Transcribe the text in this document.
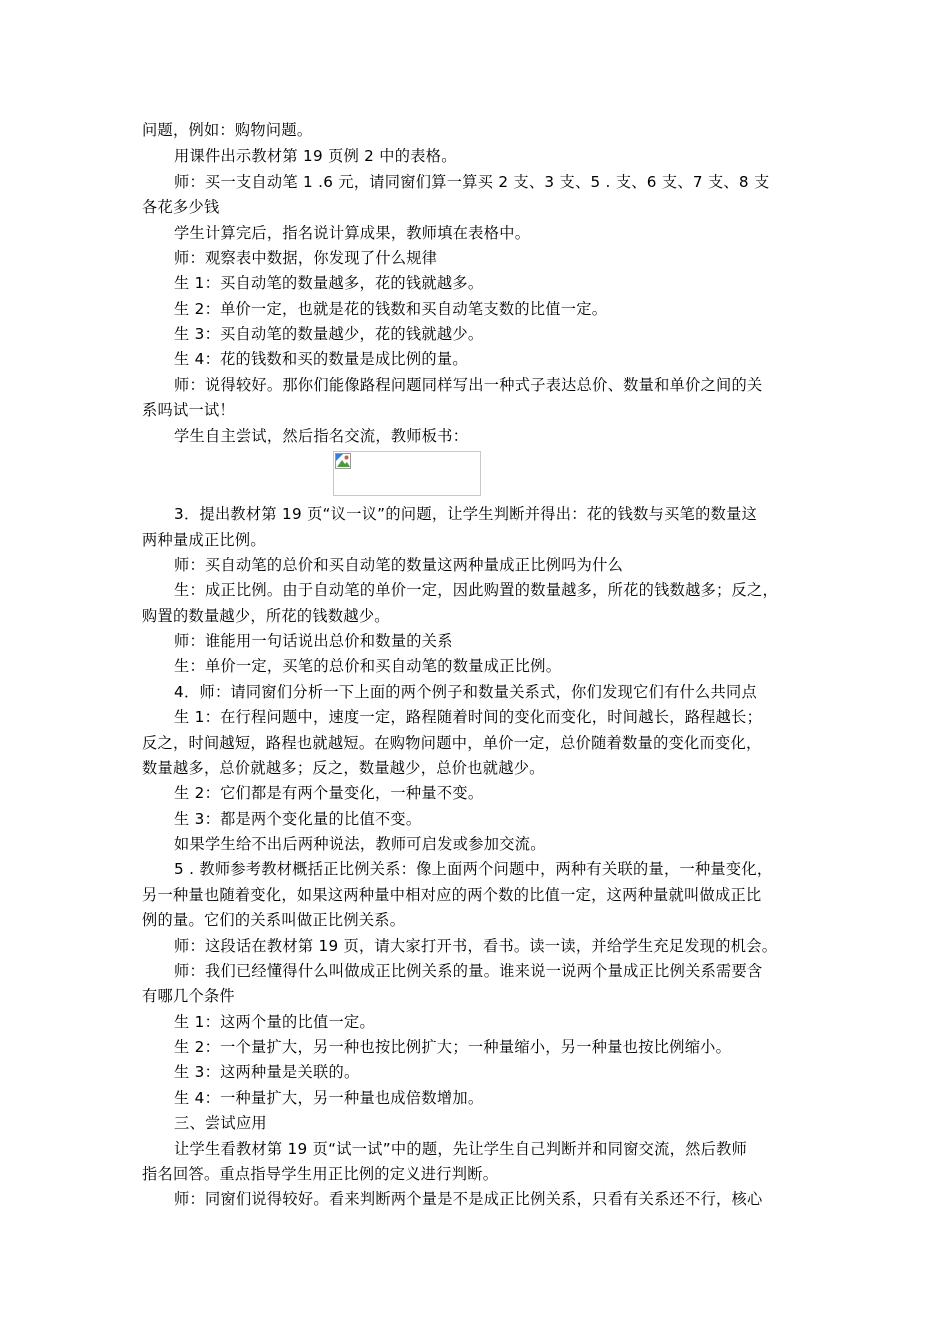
问题，例如：购物问题。
用课件出示教材第 19 页例 2 中的表格。
师：买一支自动笔 1 .6 元，请同窗们算一算买 2 支、3 支、5 . 支、6 支、7 支、8 支
各花多少钱
学生计算完后，指名说计算成果，教师填在表格中。
师：观察表中数据，你发现了什么规律
生 1：买自动笔的数量越多，花的钱就越多。
生 2：单价一定，也就是花的钱数和买自动笔支数的比值一定。
生 3：买自动笔的数量越少，花的钱就越少。
生 4：花的钱数和买的数量是成比例的量。
师：说得较好。那你们能像路程问题同样写出一种式子表达总价、数量和单价之间的关
系吗试一试！
学生自主尝试，然后指名交流，教师板书：
3．提出教材第 19 页“议一议”的问题，让学生判断并得出：花的钱数与买笔的数量这
两种量成正比例。
师：买自动笔的总价和买自动笔的数量这两种量成正比例吗为什么
生：成正比例。由于自动笔的单价一定，因此购置的数量越多，所花的钱数越多；反之，
购置的数量越少，所花的钱数越少。
师：谁能用一句话说出总价和数量的关系
生：单价一定，买笔的总价和买自动笔的数量成正比例。
4．师：请同窗们分析一下上面的两个例子和数量关系式，你们发现它们有什么共同点
生 1：在行程问题中，速度一定，路程随着时间的变化而变化，时间越长，路程越长；
反之，时间越短，路程也就越短。在购物问题中，单价一定，总价随着数量的变化而变化，
数量越多，总价就越多；反之，数量越少，总价也就越少。
生 2：它们都是有两个量变化，一种量不变。
生 3：都是两个变化量的比值不变。
如果学生给不出后两种说法，教师可启发或参加交流。
5 . 教师参考教材概括正比例关系：像上面两个问题中，两种有关联的量，一种量变化，
另一种量也随着变化，如果这两种量中相对应的两个数的比值一定，这两种量就叫做成正比
例的量。它们的关系叫做正比例关系。
师：这段话在教材第 19 页，请大家打开书，看书。读一读，并给学生充足发现的机会。
师：我们已经懂得什么叫做成正比例关系的量。谁来说一说两个量成正比例关系需要含
有哪几个条件
生 1：这两个量的比值一定。
生 2：一个量扩大，另一种也按比例扩大；一种量缩小，另一种量也按比例缩小。
生 3：这两种量是关联的。
生 4：一种量扩大，另一种量也成倍数增加。
三、尝试应用
让学生看教材第 19 页“试一试”中的题，先让学生自己判断并和同窗交流，然后教师
指名回答。重点指导学生用正比例的定义进行判断。
师：同窗们说得较好。看来判断两个量是不是成正比例关系，只看有关系还不行，核心
